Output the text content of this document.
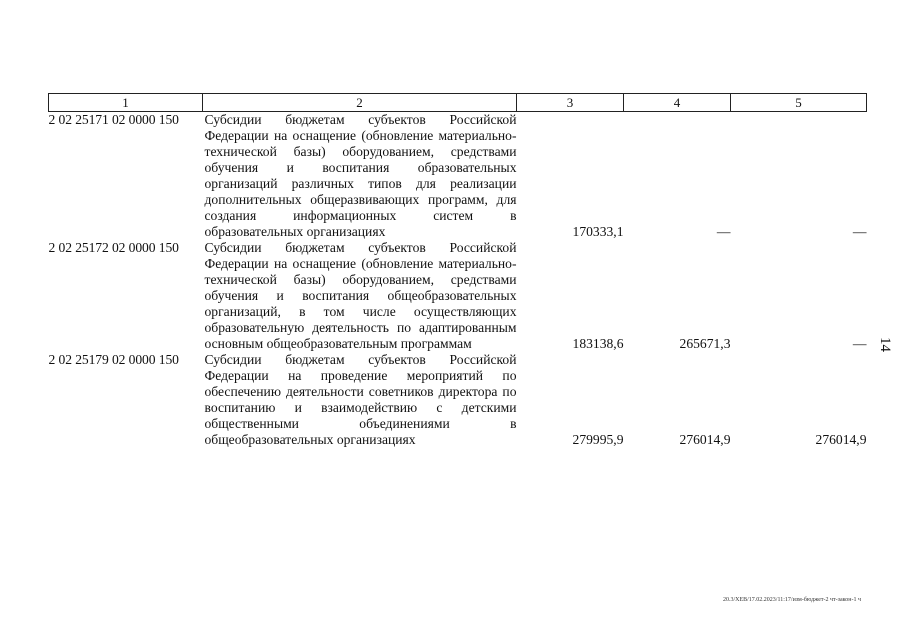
1	2	3	4	5
2 02 25171 02 0000 150	Субсидии бюджетам субъектов Российской Федерации на оснащение (обновление материально-технической базы) оборудованием, средствами обучения и воспитания образовательных организаций различных типов для реализации дополнительных общеразвивающих программ, для создания информационных систем в образовательных организациях	170333,1	—	—
2 02 25172 02 0000 150	Субсидии бюджетам субъектов Российской Федерации на оснащение (обновление материально-технической базы) оборудованием, средствами обучения и воспитания общеобразовательных организаций, в том числе осуществляющих образовательную деятельность по адаптированным основным общеобразовательным программам	183138,6	265671,3	—
2 02 25179 02 0000 150	Субсидии бюджетам субъектов Российской Федерации на проведение мероприятий по обеспечению деятельности советников директора по воспитанию и взаимодействию с детскими общественными объединениями в общеобразовательных организациях	279995,9	276014,9	276014,9
14
20.3/XEB/17.02.2023/11:17/изм-бюджет-2 чт-закон-1 ч
